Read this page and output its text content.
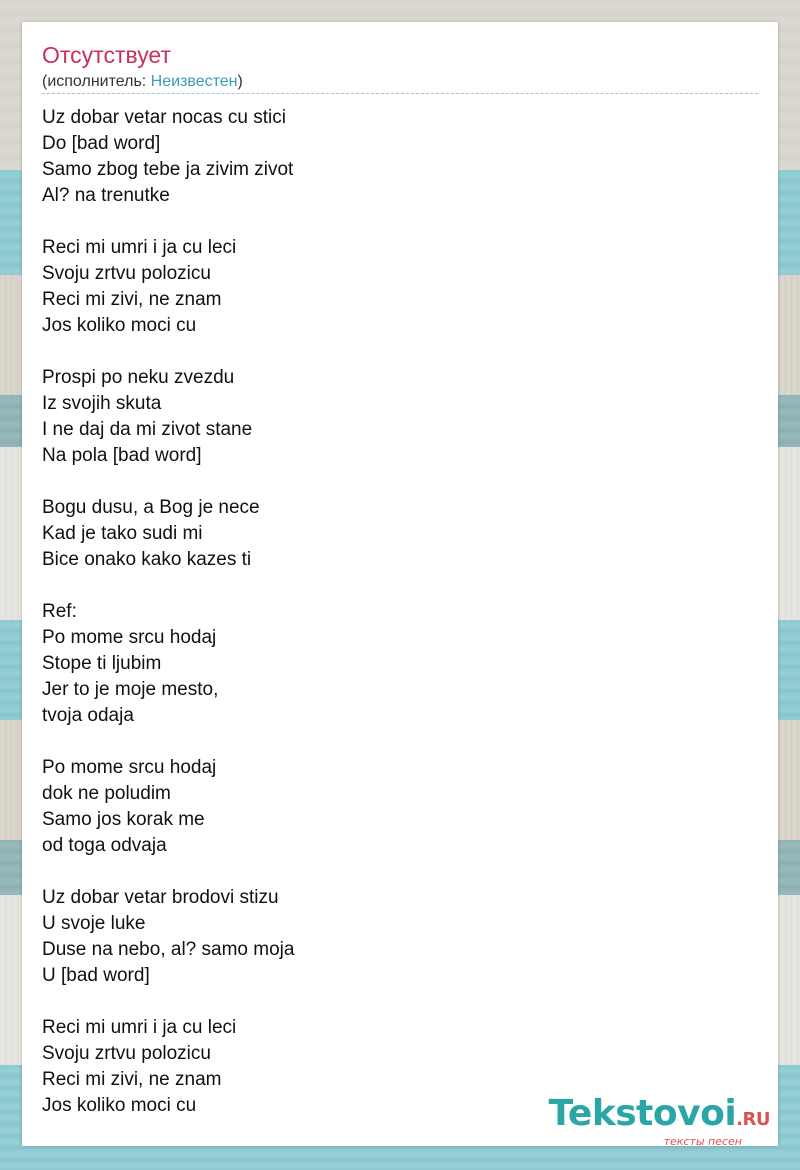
Отсутствует
(исполнитель: Неизвестен)
Uz dobar vetar nocas cu stici
Do [bad word]
Samo zbog tebe ja zivim zivot
Al? na trenutke
Reci mi umri i ja cu leci
Svoju zrtvu polozicu
Reci mi zivi, ne znam
Jos koliko moci cu
Prospi po neku zvezdu
Iz svojih skuta
I ne daj da mi zivot stane
Na pola [bad word]
Bogu dusu, a Bog je nece
Kad je tako sudi mi
Bice onako kako kazes ti
Ref:
Po mome srcu hodaj
Stope ti ljubim
Jer to je moje mesto,
tvoja odaja
Po mome srcu hodaj
dok ne poludim
Samo jos korak me
od toga odvaja
Uz dobar vetar brodovi stizu
U svoje luke
Duse na nebo, al? samo moja
U [bad word]
Reci mi umri i ja cu leci
Svoju zrtvu polozicu
Reci mi zivi, ne znam
Jos koliko moci cu	Tekstovoi.RU
тексты песен
